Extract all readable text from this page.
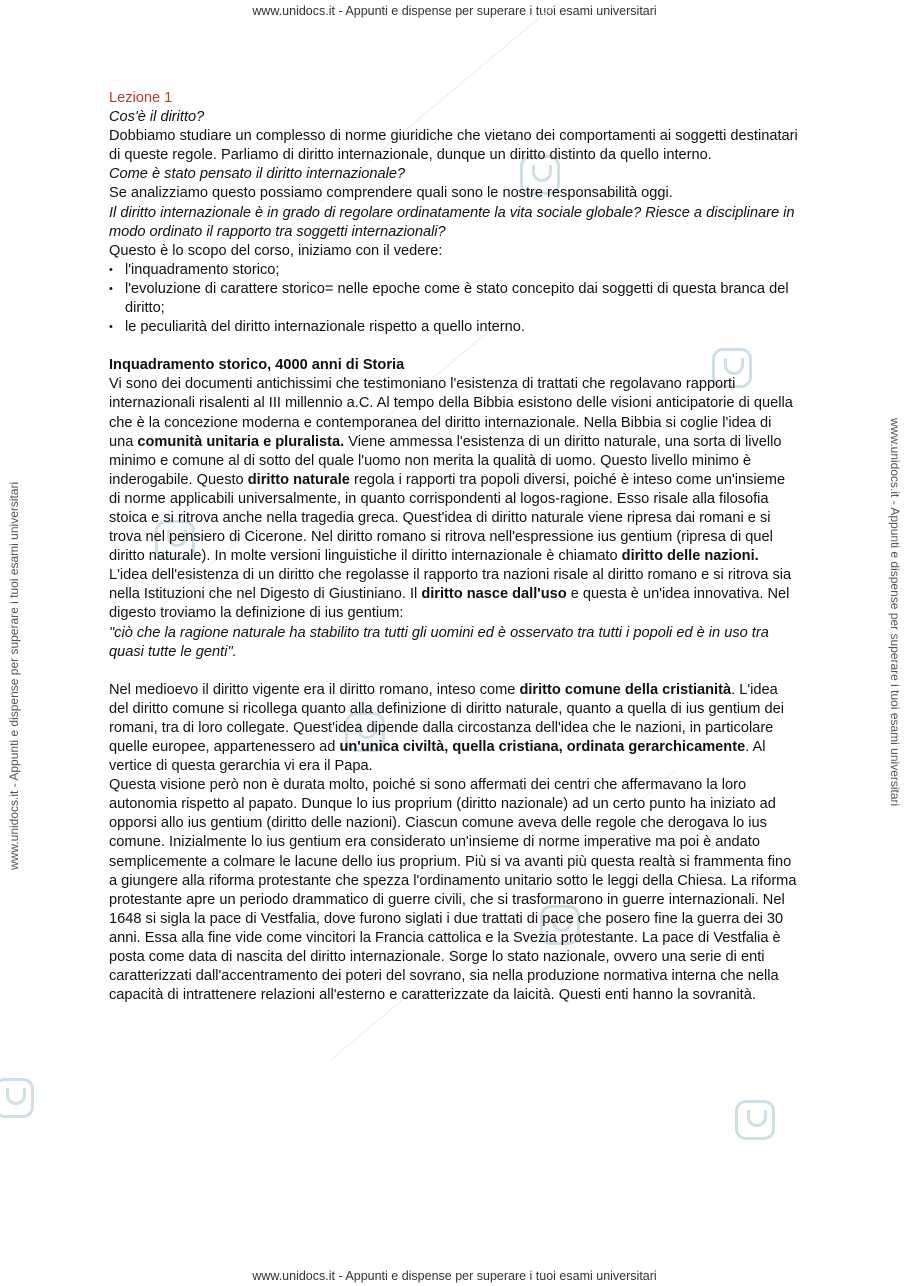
www.unidocs.it - Appunti e dispense per superare i tuoi esami universitari
www.unidocs.it - Appunti e dispense per superare i tuoi esami universitari
www.unidocs.it - Appunti e dispense per superare i tuoi esami universitari	www.unidocs.it - Appunti e dispense per superare i tuoi esami universitari

Lezione 1

Cos'è il diritto?

Dobbiamo studiare un complesso di norme giuridiche che vietano dei comportamenti ai soggetti destinatari di queste regole. Parliamo di diritto internazionale, dunque un diritto distinto da quello interno.

Come è stato pensato il diritto internazionale?

Se analizziamo questo possiamo comprendere quali sono le nostre responsabilità oggi.

Il diritto internazionale è in grado di regolare ordinatamente la vita sociale globale? Riesce a disciplinare in modo ordinato il rapporto tra soggetti internazionali?

Questo è lo scopo del corso, iniziamo con il vedere:

• l'inquadramento storico;
• l'evoluzione di carattere storico= nelle epoche come è stato concepito dai soggetti di questa branca del diritto;
• le peculiarità del diritto internazionale rispetto a quello interno.

Inquadramento storico, 4000 anni di Storia

Vi sono dei documenti antichissimi che testimoniano l'esistenza di trattati che regolavano rapporti internazionali risalenti al III millennio a.C. Al tempo della Bibbia esistono delle visioni anticipatorie di quella che è la concezione moderna e contemporanea del diritto internazionale. Nella Bibbia si coglie l'idea di una comunità unitaria e pluralista. Viene ammessa l'esistenza di un diritto naturale, una sorta di livello minimo e comune al di sotto del quale l'uomo non merita la qualità di uomo. Questo livello minimo è inderogabile. Questo diritto naturale regola i rapporti tra popoli diversi, poiché è inteso come un'insieme di norme applicabili universalmente, in quanto corrispondenti al logos-ragione. Esso risale alla filosofia stoica e si ritrova anche nella tragedia greca. Quest'idea di diritto naturale viene ripresa dai romani e si trova nel pensiero di Cicerone. Nel diritto romano si ritrova nell'espressione ius gentium (ripresa di quel diritto naturale). In molte versioni linguistiche il diritto internazionale è chiamato diritto delle nazioni. L'idea dell'esistenza di un diritto che regolasse il rapporto tra nazioni risale al diritto romano e si ritrova sia nella Istituzioni che nel Digesto di Giustiniano. Il diritto nasce dall'uso e questa è un'idea innovativa. Nel digesto troviamo la definizione di ius gentium:

"ciò che la ragione naturale ha stabilito tra tutti gli uomini ed è osservato tra tutti i popoli ed è in uso tra quasi tutte le genti".

Nel medioevo il diritto vigente era il diritto romano, inteso come diritto comune della cristianità. L'idea del diritto comune si ricollega quanto alla definizione di diritto naturale, quanto a quella di ius gentium dei romani, tra di loro collegate. Quest'idea dipende dalla circostanza dell'idea che le nazioni, in particolare quelle europee, appartenessero ad un'unica civiltà, quella cristiana, ordinata gerarchicamente. Al vertice di questa gerarchia vi era il Papa.

Questa visione però non è durata molto, poiché si sono affermati dei centri che affermavano la loro autonomia rispetto al papato. Dunque lo ius proprium (diritto nazionale) ad un certo punto ha iniziato ad opporsi allo ius gentium (diritto delle nazioni). Ciascun comune aveva delle regole che derogava lo ius comune. Inizialmente lo ius gentium era considerato un'insieme di norme imperative ma poi è andato semplicemente a colmare le lacune dello ius proprium. Più si va avanti più questa realtà si frammenta fino a giungere alla riforma protestante che spezza l'ordinamento unitario sotto le leggi della Chiesa. La riforma protestante apre un periodo drammatico di guerre civili, che si trasformarono in guerre internazionali. Nel 1648 si sigla la pace di Vestfalia, dove furono siglati i due trattati di pace che posero fine la guerra dei 30 anni. Essa alla fine vide come vincitori la Francia cattolica e la Svezia protestante. La pace di Vestfalia è posta come data di nascita del diritto internazionale. Sorge lo stato nazionale, ovvero una serie di enti caratterizzati dall'accentramento dei poteri del sovrano, sia nella produzione normativa interna che nella capacità di intrattenere relazioni all'esterno e caratterizzate da laicità. Questi enti hanno la sovranità.
